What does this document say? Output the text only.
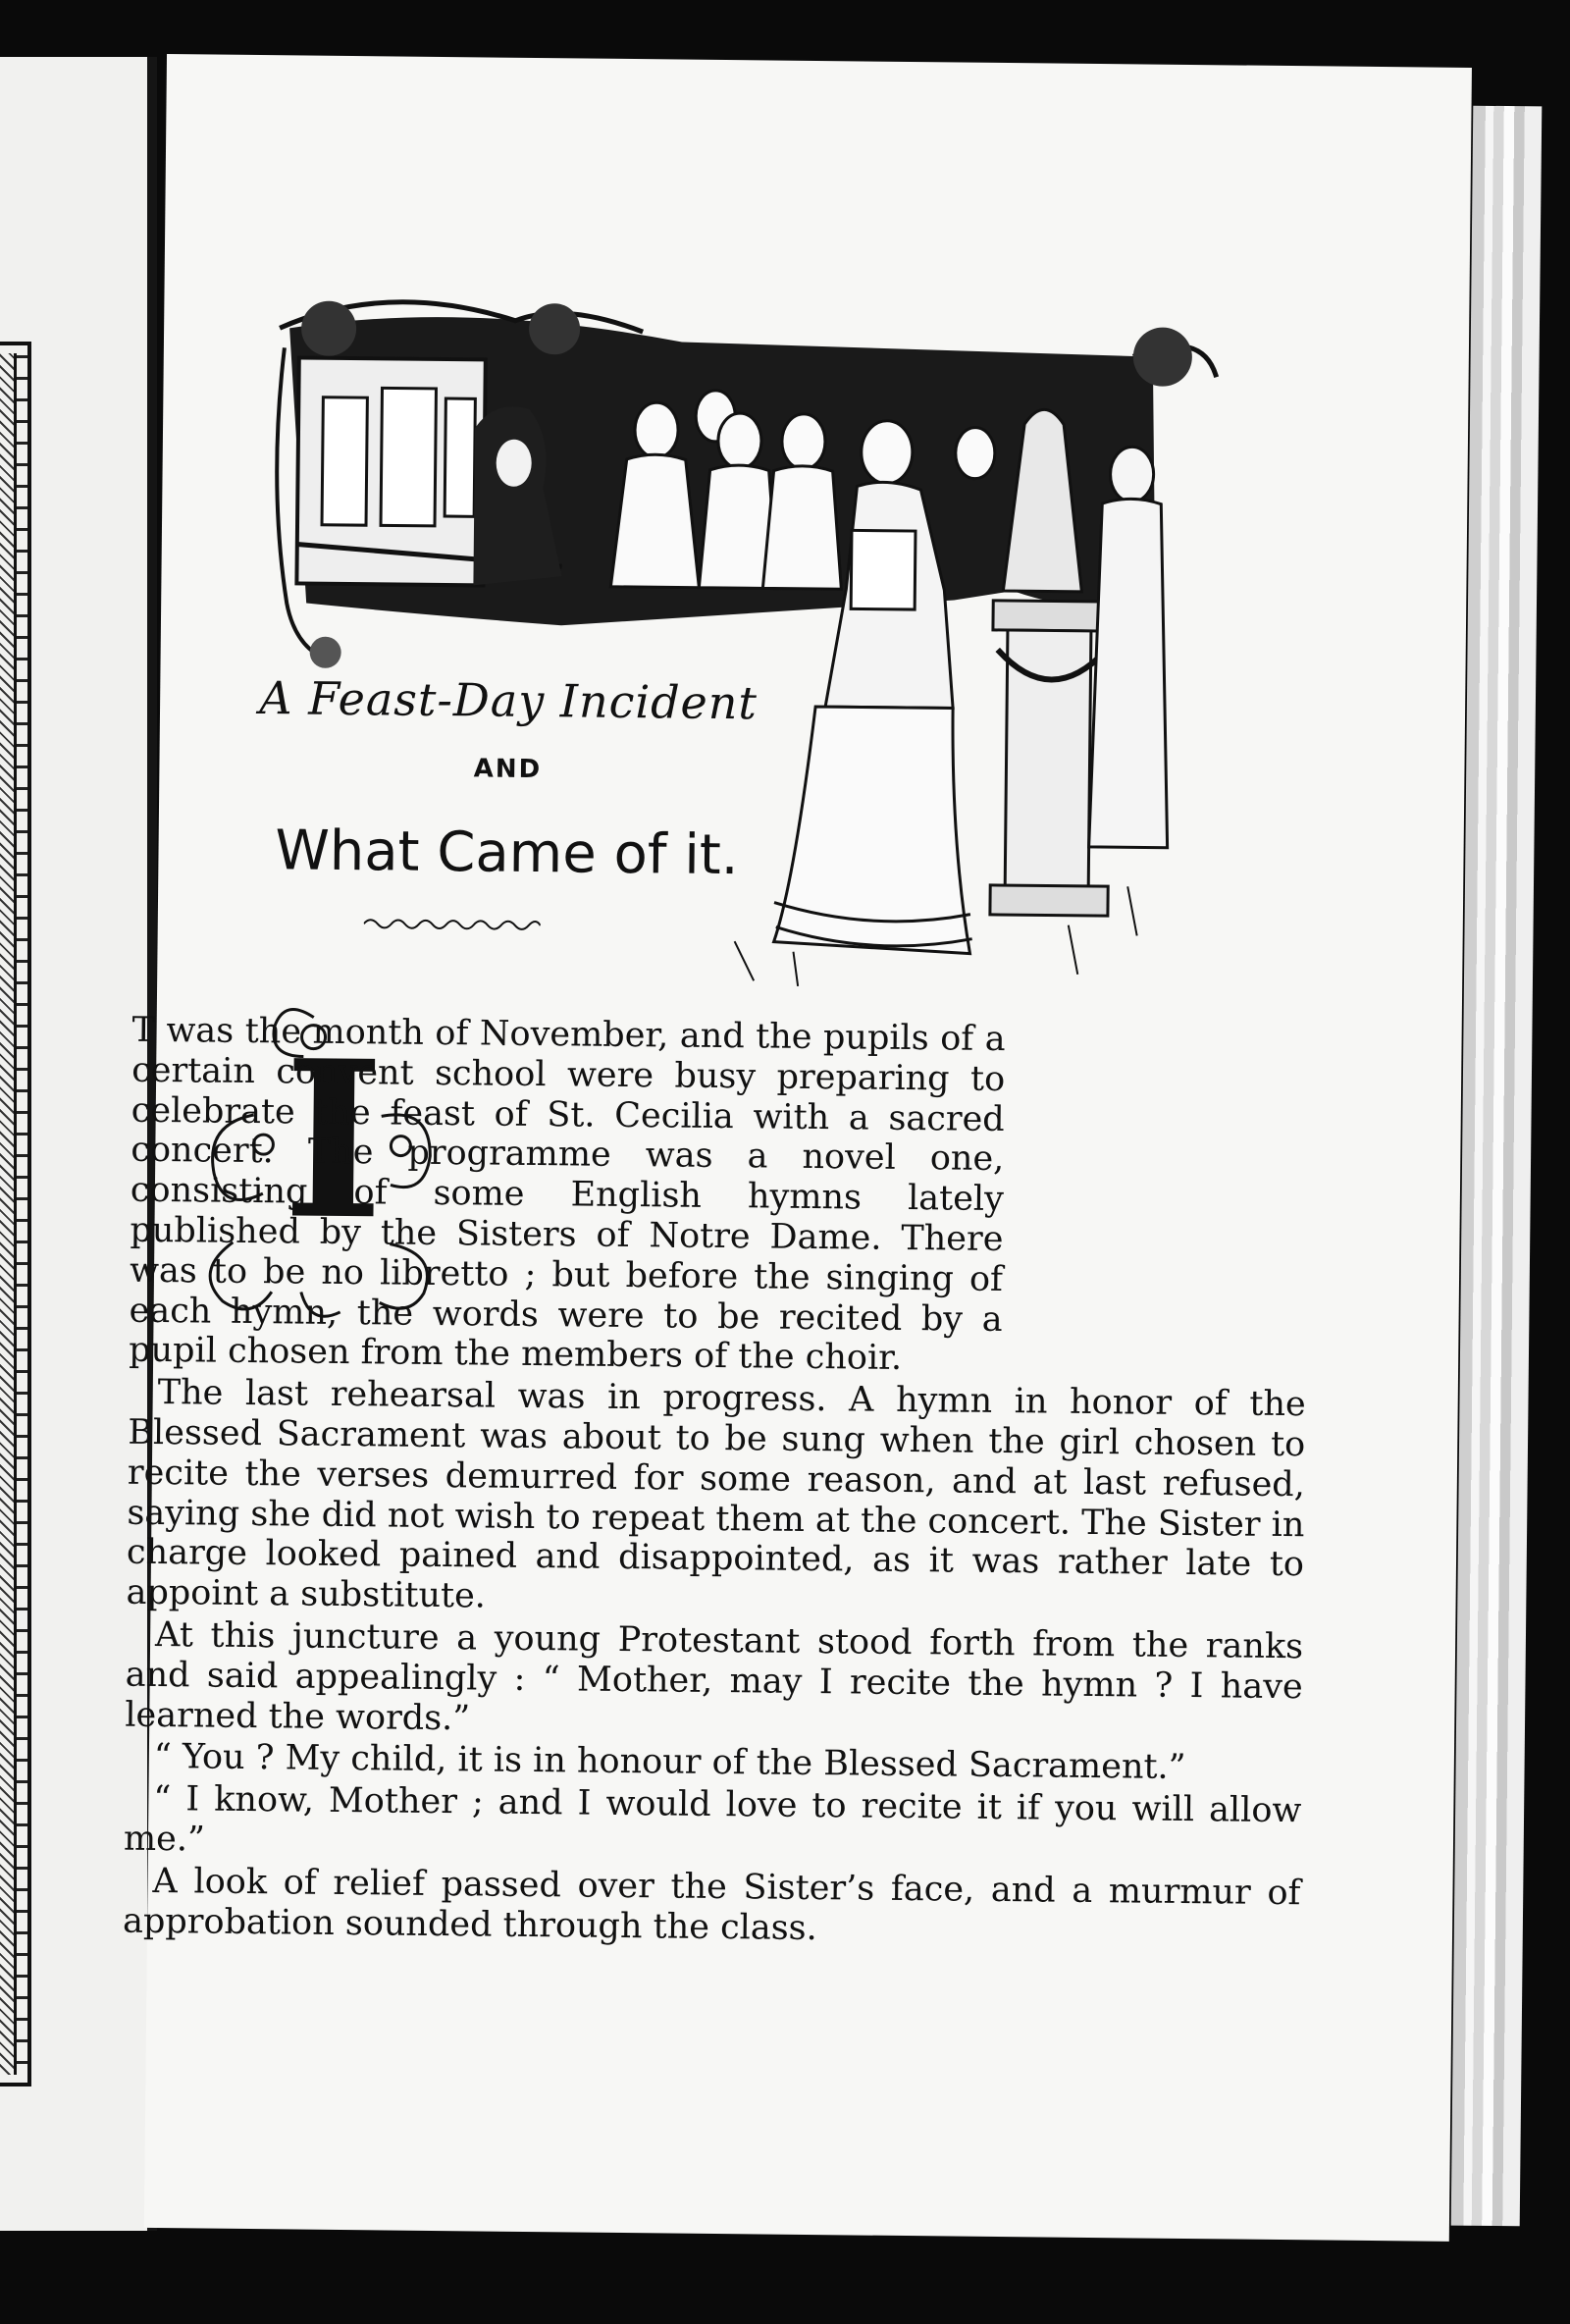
A Feast-Day Incident
AND
What Came of it.
I

T was the month of November, and the pupils of a certain convent school were busy preparing to celebrate the feast of St. Cecilia with a sacred concert. The programme was a novel one, consisting of some English hymns lately published by the Sisters of Notre Dame. There was to be no libretto ; but before the singing of each hymn, the words were to be recited by a pupil chosen from the members of the choir.

The last rehearsal was in progress. A hymn in honor of the Blessed Sacrament was about to be sung when the girl chosen to recite the verses demurred for some reason, and at last refused, saying she did not wish to repeat them at the concert. The Sister in charge looked pained and disappointed, as it was rather late to appoint a substitute.

At this juncture a young Protestant stood forth from the ranks and said appealingly : “ Mother, may I recite the hymn ? I have learned the words.”

“ You ? My child, it is in honour of the Blessed Sacrament.”

“ I know, Mother ; and I would love to recite it if you will allow me.”

A look of relief passed over the Sister’s face, and a murmur of approbation sounded through the class.
